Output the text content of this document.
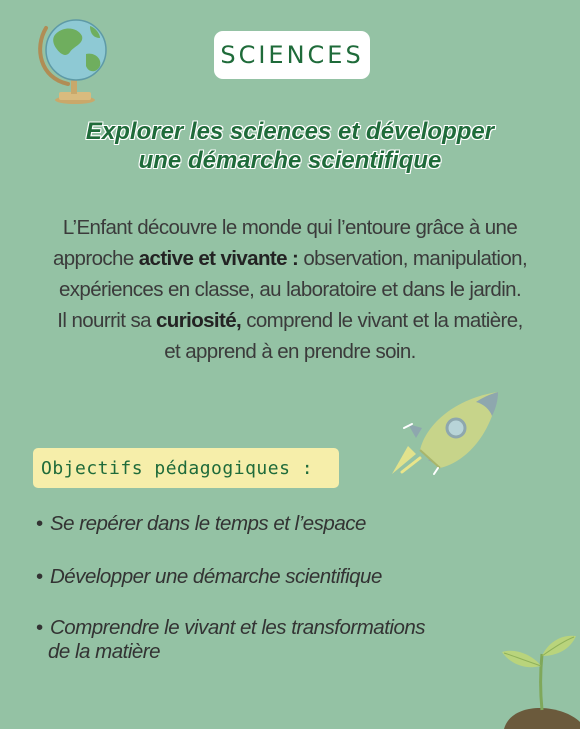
SCIENCES
Explorer les sciences et développer
une démarche scientifique
L’Enfant découvre le monde qui l’entoure grâce à une
approche active et vivante : observation, manipulation,
expériences en classe, au laboratoire et dans le jardin.
Il nourrit sa curiosité, comprend le vivant et la matière,
et apprend à en prendre soin.
Objectifs pédagogiques :
• Se repérer dans le temps et l’espace
• Développer une démarche scientifique
• Comprendre le vivant et les transformations
de la matière
